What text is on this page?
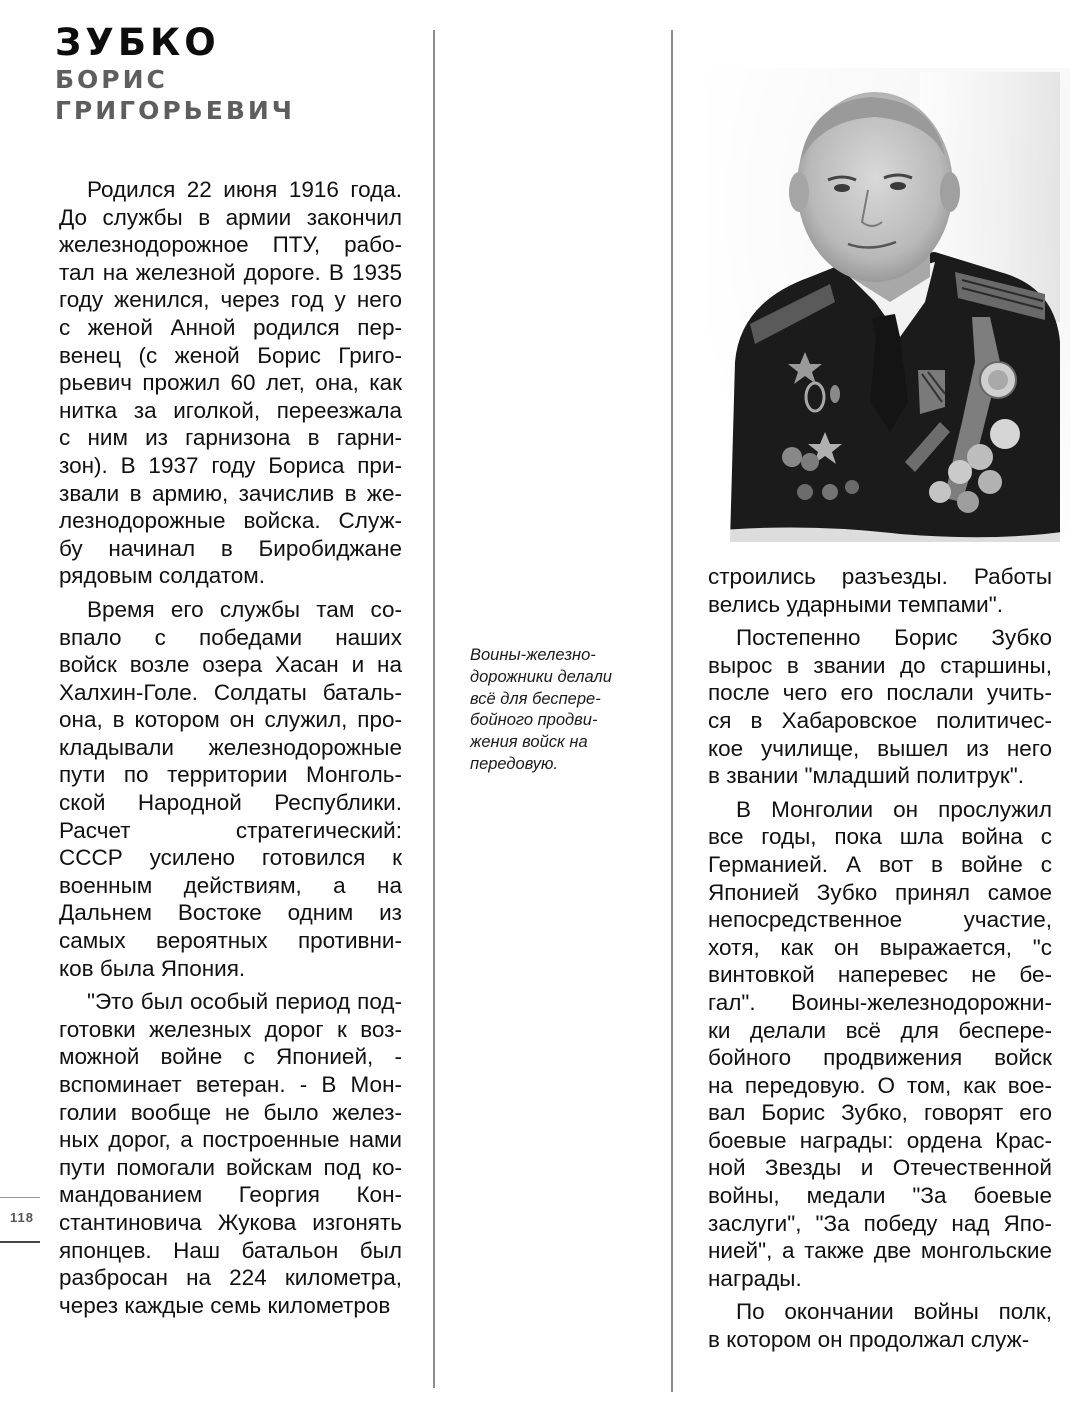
ЗУБКО
БОРИС
ГРИГОРЬЕВИЧ
118
Родился 22 июня 1916 года.
До службы в армии закончил
железнодорожное ПТУ, рабо-
тал на железной дороге. В 1935
году женился, через год у него
с женой Анной родился пер-
венец (с женой Борис Григо-
рьевич прожил 60 лет, она, как
нитка за иголкой, переезжала
с ним из гарнизона в гарни-
зон). В 1937 году Бориса при-
звали в армию, зачислив в же-
лезнодорожные войска. Служ-
бу начинал в Биробиджане
рядовым солдатом.
Время его службы там со-
впало с победами наших
войск возле озера Хасан и на
Халхин-Голе. Солдаты баталь-
она, в котором он служил, про-
кладывали железнодорожные
пути по территории Монголь-
ской Народной Республики.
Расчет стратегический:
СССР усилено готовился к
военным действиям, а на
Дальнем Востоке одним из
самых вероятных противни-
ков была Япония.
"Это был особый период под-
готовки железных дорог к воз-
можной войне с Японией, -
вспоминает ветеран. - В Мон-
голии вообще не было желез-
ных дорог, а построенные нами
пути помогали войскам под ко-
мандованием Георгия Кон-
стантиновича Жукова изгонять
японцев. Наш батальон был
разбросан на 224 километра,
через каждые семь километров
Воины-железно-
дорожники делали
всё для беспере-
бойного продви-
жения войск на
передовую.
строились разъезды. Работы
велись ударными темпами".
Постепенно Борис Зубко
вырос в звании до старшины,
после чего его послали учить-
ся в Хабаровское политичес-
кое училище, вышел из него
в звании "младший политрук".
В Монголии он прослужил
все годы, пока шла война с
Германией. А вот в войне с
Японией Зубко принял самое
непосредственное участие,
хотя, как он выражается, "с
винтовкой наперевес не бе-
гал". Воины-железнодорожни-
ки делали всё для беспере-
бойного продвижения войск
на передовую. О том, как вое-
вал Борис Зубко, говорят его
боевые награды: ордена Крас-
ной Звезды и Отечественной
войны, медали "За боевые
заслуги", "За победу над Япо-
нией", а также две монгольские
награды.
По окончании войны полк,
в котором он продолжал служ-
